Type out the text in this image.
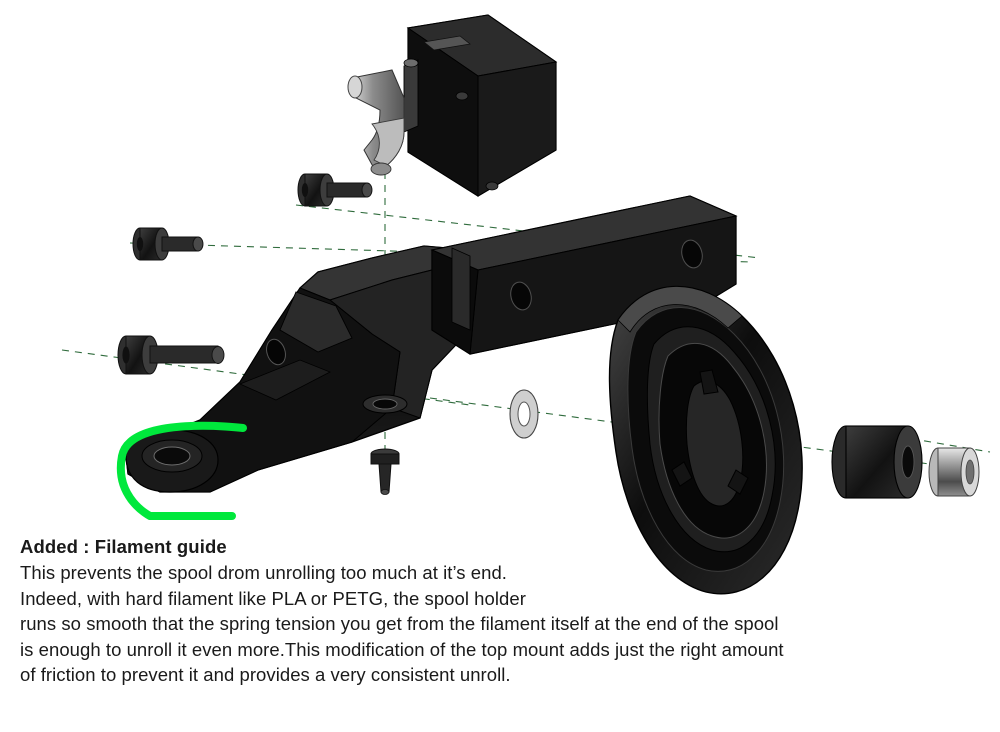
Added : Filament guide

This prevents the spool drom unrolling too much at it’s end.

Indeed, with hard filament like PLA or PETG, the spool holder

runs so smooth that the spring tension you get from the filament itself at the end of the spool

is enough to unroll it even more.This modification of the top mount adds just the right amount

of friction to prevent it and provides a very consistent unroll.
